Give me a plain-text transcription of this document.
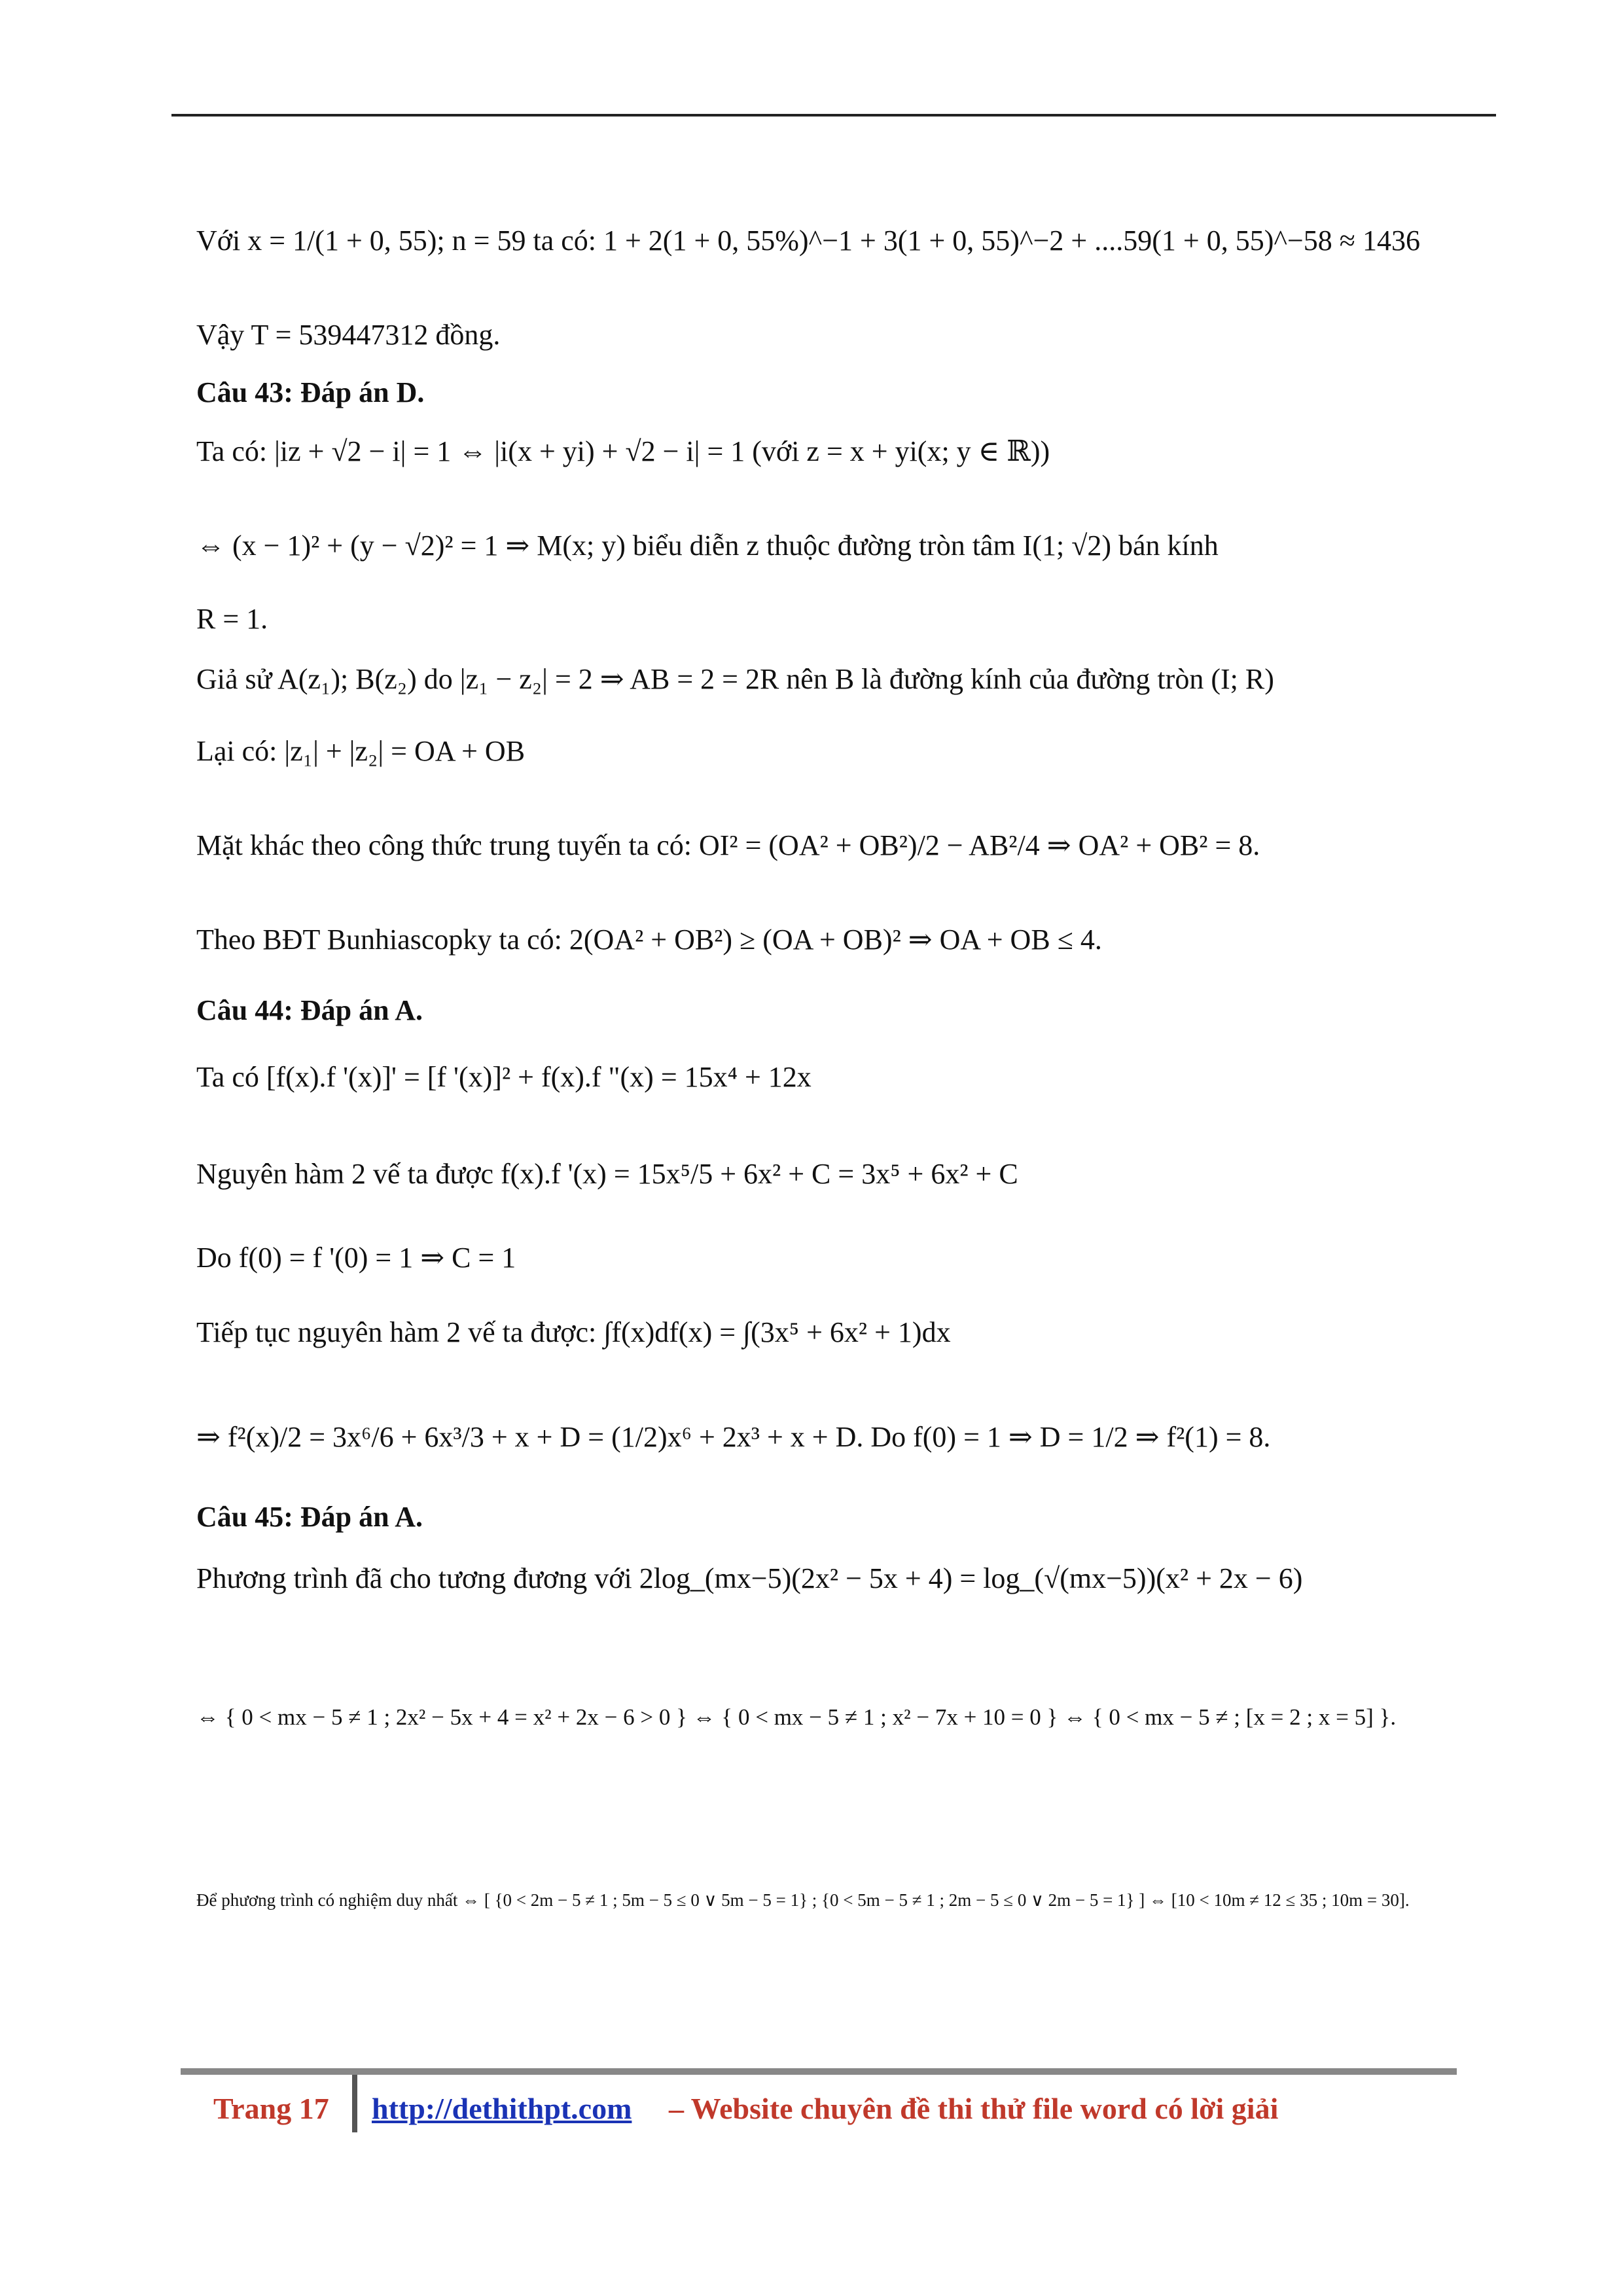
Với x = 1/(1 + 0, 55); n = 59 ta có: 1 + 2(1 + 0, 55%)^−1 + 3(1 + 0, 55)^−2 + ....59(1 + 0, 55)^−58 ≈ 1436
Vậy T = 539447312 đồng.
Câu 43: Đáp án D.
Ta có: |iz + √2 − i| = 1 ⇔ |i(x + yi) + √2 − i| = 1 (với z = x + yi(x; y ∈ ℝ))
⇔ (x − 1)² + (y − √2)² = 1 ⇒ M(x; y) biểu diễn z thuộc đường tròn tâm I(1; √2) bán kính
R = 1.
Giả sử A(z₁); B(z₂) do |z₁ − z₂| = 2 ⇒ AB = 2 = 2R nên B là đường kính của đường tròn (I; R)
Lại có: |z₁| + |z₂| = OA + OB
Mặt khác theo công thức trung tuyến ta có: OI² = (OA² + OB²)/2 − AB²/4 ⇒ OA² + OB² = 8.
Theo BĐT Bunhiascopky ta có: 2(OA² + OB²) ≥ (OA + OB)² ⇒ OA + OB ≤ 4.
Câu 44: Đáp án A.
Ta có [f(x).f '(x)]' = [f '(x)]² + f(x).f "(x) = 15x⁴ + 12x
Nguyên hàm 2 vế ta được f(x).f '(x) = 15x⁵/5 + 6x² + C = 3x⁵ + 6x² + C
Do f(0) = f '(0) = 1 ⇒ C = 1
Tiếp tục nguyên hàm 2 vế ta được: ∫f(x)df(x) = ∫(3x⁵ + 6x² + 1)dx
⇒ f²(x)/2 = 3x⁶/6 + 6x³/3 + x + D = (1/2)x⁶ + 2x³ + x + D. Do f(0) = 1 ⇒ D = 1/2 ⇒ f²(1) = 8.
Câu 45: Đáp án A.
Phương trình đã cho tương đương với 2log_(mx−5)(2x² − 5x + 4) = log_(√(mx−5))(x² + 2x − 6)
⇔ { 0 < mx − 5 ≠ 1 ; 2x² − 5x + 4 = x² + 2x − 6 > 0 } ⇔ { 0 < mx − 5 ≠ 1 ; x² − 7x + 10 = 0 } ⇔ { 0 < mx − 5 ≠ ; [x = 2 ; x = 5] }.
Để phương trình có nghiệm duy nhất ⇔ [ {0 < 2m − 5 ≠ 1 ; 5m − 5 ≤ 0 ∨ 5m − 5 = 1} ; {0 < 5m − 5 ≠ 1 ; 2m − 5 ≤ 0 ∨ 2m − 5 = 1} ] ⇔ [10 < 10m ≠ 12 ≤ 35 ; 10m = 30].
Trang 17 http://dethithpt.com – Website chuyên đề thi thử file word có lời giải
